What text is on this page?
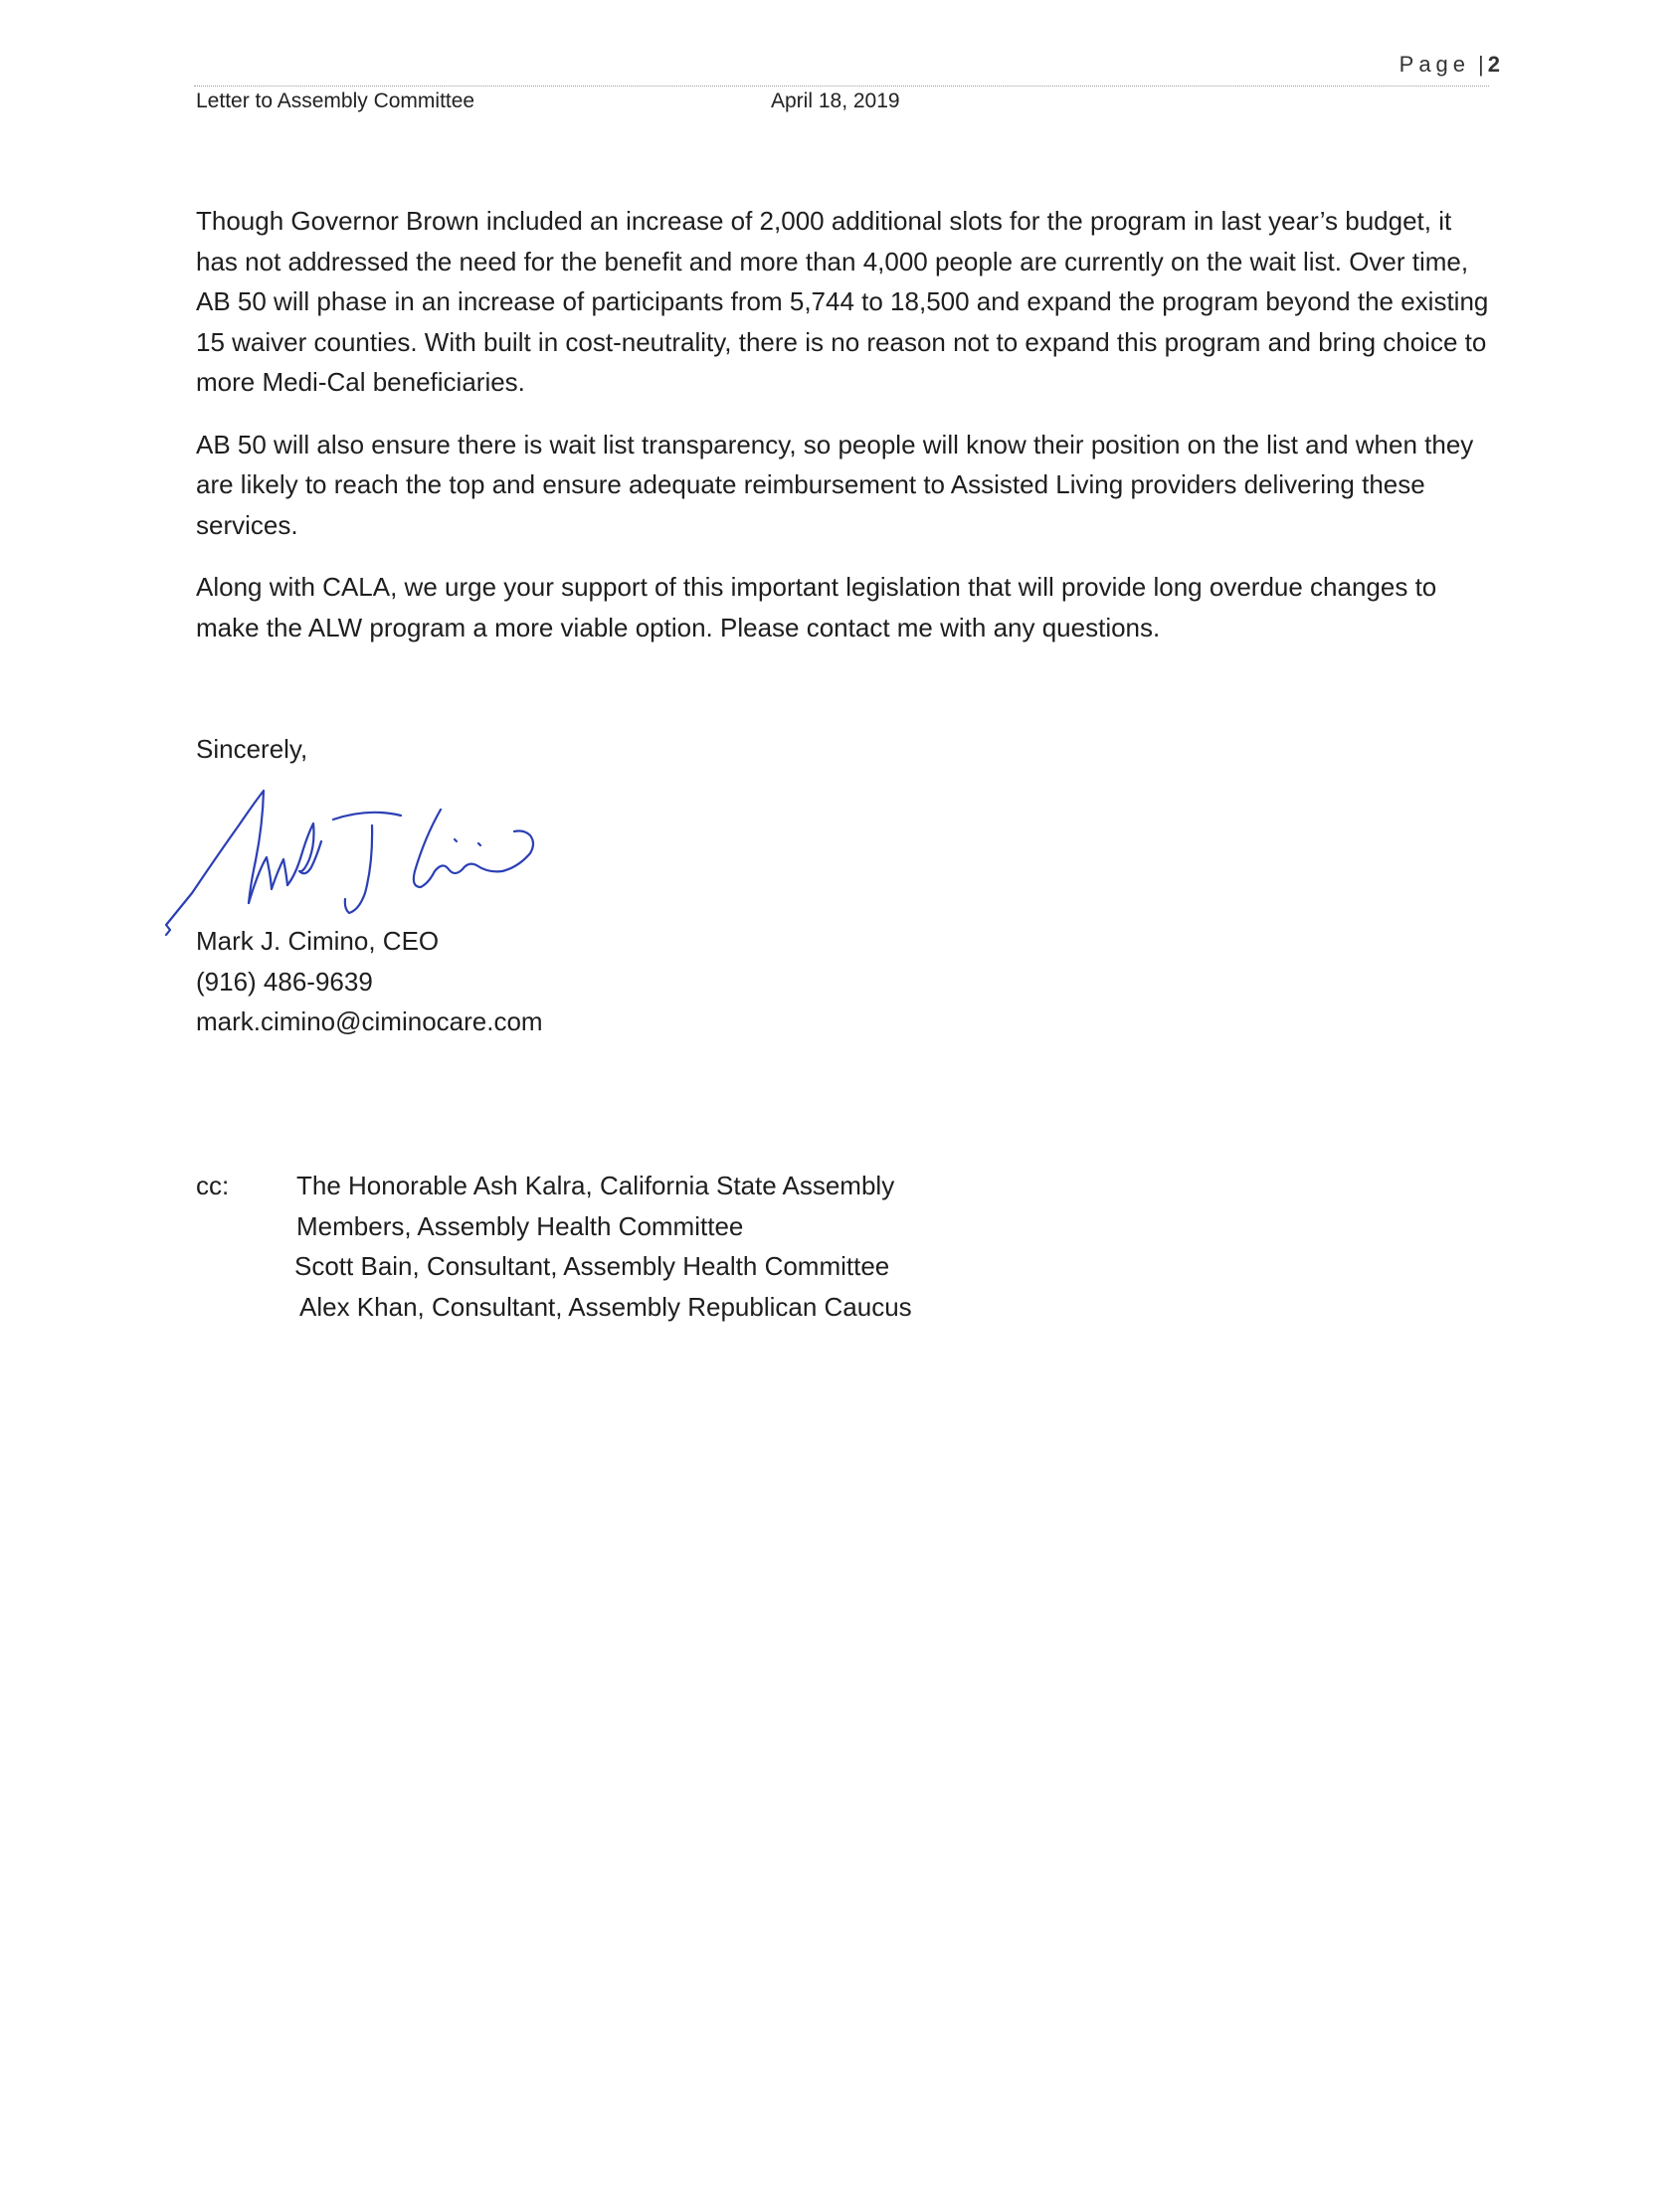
Page | 2
Letter to Assembly Committee	April 18, 2019

Though Governor Brown included an increase of 2,000 additional slots for the program in last year’s budget, it has not addressed the need for the benefit and more than 4,000 people are currently on the wait list. Over time, AB 50 will phase in an increase of participants from 5,744 to 18,500 and expand the program beyond the existing 15 waiver counties. With built in cost-neutrality, there is no reason not to expand this program and bring choice to more Medi-Cal beneficiaries.

AB 50 will also ensure there is wait list transparency, so people will know their position on the list and when they are likely to reach the top and ensure adequate reimbursement to Assisted Living providers delivering these services.

Along with CALA, we urge your support of this important legislation that will provide long overdue changes to make the ALW program a more viable option. Please contact me with any questions.

Sincerely,
Mark J. Cimino, CEO
(916) 486-9639
mark.cimino@ciminocare.com
cc:	The Honorable Ash Kalra, California State Assembly
Members, Assembly Health Committee
Scott Bain, Consultant, Assembly Health Committee
Alex Khan, Consultant, Assembly Republican Caucus
